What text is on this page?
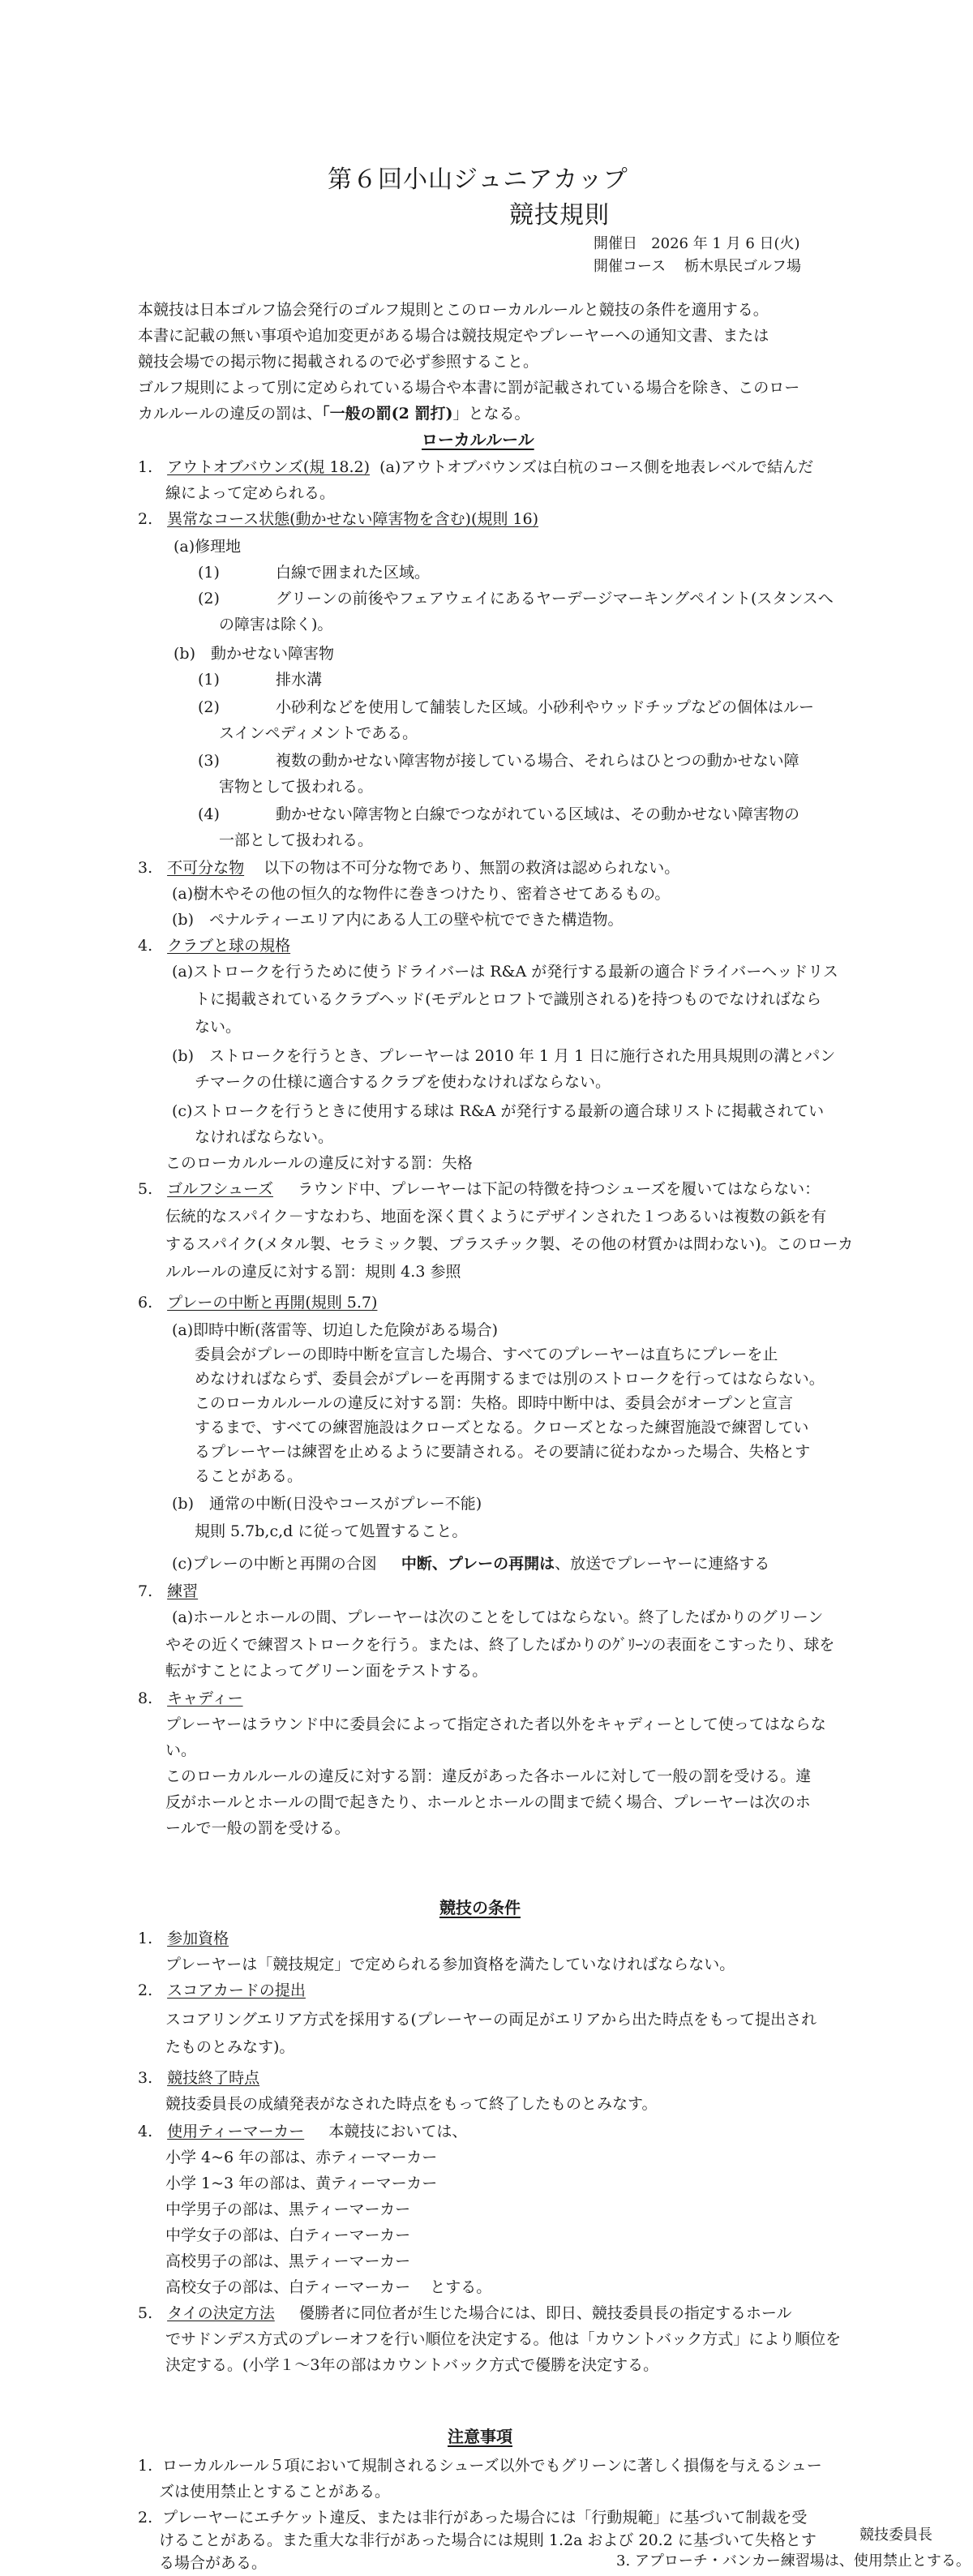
第６回小山ジュニアカップ
競技規則
開催日 2026 年 1 月 6 日(火)
開催コース 栃木県民ゴルフ場
本競技は日本ゴルフ協会発行のゴルフ規則とこのローカルルールと競技の条件を適用する。
本書に記載の無い事項や追加変更がある場合は競技規定やプレーヤーへの通知文書、または
競技会場での掲示物に掲載されるので必ず参照すること。
ゴルフ規則によって別に定められている場合や本書に罰が記載されている場合を除き、このロー
カルルールの違反の罰は、「一般の罰(2 罰打)」となる。
ローカルルール
1. アウトオブバウンズ(規 18.2) (a)アウトオブバウンズは白杭のコース側を地表レベルで結んだ
線によって定められる。
2. 異常なコース状態(動かせない障害物を含む)(規則 16)
(a)修理地
(1)	白線で囲まれた区域。
(2)	グリーンの前後やフェアウェイにあるヤーデージマーキングペイント(スタンスへ
の障害は除く)。
(b)　動かせない障害物
(1)	排水溝
(2)	小砂利などを使用して舗装した区域。小砂利やウッドチップなどの個体はルー
スインペディメントである。
(3)	複数の動かせない障害物が接している場合、それらはひとつの動かせない障
害物として扱われる。
(4)	動かせない障害物と白線でつながれている区域は、その動かせない障害物の
一部として扱われる。
3. 不可分な物 以下の物は不可分な物であり、無罰の救済は認められない。
(a)樹木やその他の恒久的な物件に巻きつけたり、密着させてあるもの。
(b)　ペナルティーエリア内にある人工の壁や杭でできた構造物。
4. クラブと球の規格
(a)ストロークを行うために使うドライバーは R&A が発行する最新の適合ドライバーヘッドリス
トに掲載されているクラブヘッド(モデルとロフトで識別される)を持つものでなければなら
ない。
(b)　ストロークを行うとき、プレーヤーは 2010 年 1 月 1 日に施行された用具規則の溝とパン
チマークの仕様に適合するクラブを使わなければならない。
(c)ストロークを行うときに使用する球は R&A が発行する最新の適合球リストに掲載されてい
なければならない。
このローカルルールの違反に対する罰：失格
5. ゴルフシューズ ラウンド中、プレーヤーは下記の特徴を持つシューズを履いてはならない：
伝統的なスパイク－すなわち、地面を深く貫くようにデザインされた１つあるいは複数の鋲を有
するスパイク(メタル製、セラミック製、プラスチック製、その他の材質かは問わない)。このローカ
ルルールの違反に対する罰：規則 4.3 参照
6. プレーの中断と再開(規則 5.7)
(a)即時中断(落雷等、切迫した危険がある場合)
委員会がプレーの即時中断を宣言した場合、すべてのプレーヤーは直ちにプレーを止
めなければならず、委員会がプレーを再開するまでは別のストロークを行ってはならない。
このローカルルールの違反に対する罰：失格。即時中断中は、委員会がオープンと宣言
するまで、すべての練習施設はクローズとなる。クローズとなった練習施設で練習してい
るプレーヤーは練習を止めるように要請される。その要請に従わなかった場合、失格とす
ることがある。
(b)　通常の中断(日没やコースがプレー不能)
規則 5.7b,c,d に従って処置すること。
(c)プレーの中断と再開の合図 中断、プレーの再開は、放送でプレーヤーに連絡する
7. 練習
(a)ホールとホールの間、プレーヤーは次のことをしてはならない。終了したばかりのグリーン
やその近くで練習ストロークを行う。または、終了したばかりのｸﾞﾘｰﾝの表面をこすったり、球を
転がすことによってグリーン面をテストする。
8. キャディー
プレーヤーはラウンド中に委員会によって指定された者以外をキャディーとして使ってはならな
い。
このローカルルールの違反に対する罰：違反があった各ホールに対して一般の罰を受ける。違
反がホールとホールの間で起きたり、ホールとホールの間まで続く場合、プレーヤーは次のホ
ールで一般の罰を受ける。
競技の条件
1. 参加資格
プレーヤーは「競技規定」で定められる参加資格を満たしていなければならない。
2. スコアカードの提出
スコアリングエリア方式を採用する(プレーヤーの両足がエリアから出た時点をもって提出され
たものとみなす)。
3. 競技終了時点
競技委員長の成績発表がなされた時点をもって終了したものとみなす。
4. 使用ティーマーカー 本競技においては、
小学 4~6 年の部は、赤ティーマーカー
小学 1~3 年の部は、黄ティーマーカー
中学男子の部は、黒ティーマーカー
中学女子の部は、白ティーマーカー
高校男子の部は、黒ティーマーカー
高校女子の部は、白ティーマーカー とする。
5. タイの決定方法 優勝者に同位者が生じた場合には、即日、競技委員長の指定するホール
でサドンデス方式のプレーオフを行い順位を決定する。他は「カウントバック方式」により順位を
決定する。(小学１～3年の部はカウントバック方式で優勝を決定する。
注意事項
1. ローカルルール５項において規制されるシューズ以外でもグリーンに著しく損傷を与えるシュー
ズは使用禁止とすることがある。
2. プレーヤーにエチケット違反、または非行があった場合には「行動規範」に基づいて制裁を受
けることがある。また重大な非行があった場合には規則 1.2a および 20.2 に基づいて失格とす
る場合がある。	3. アプローチ・バンカー練習場は、使用禁止とする。
競技委員長
